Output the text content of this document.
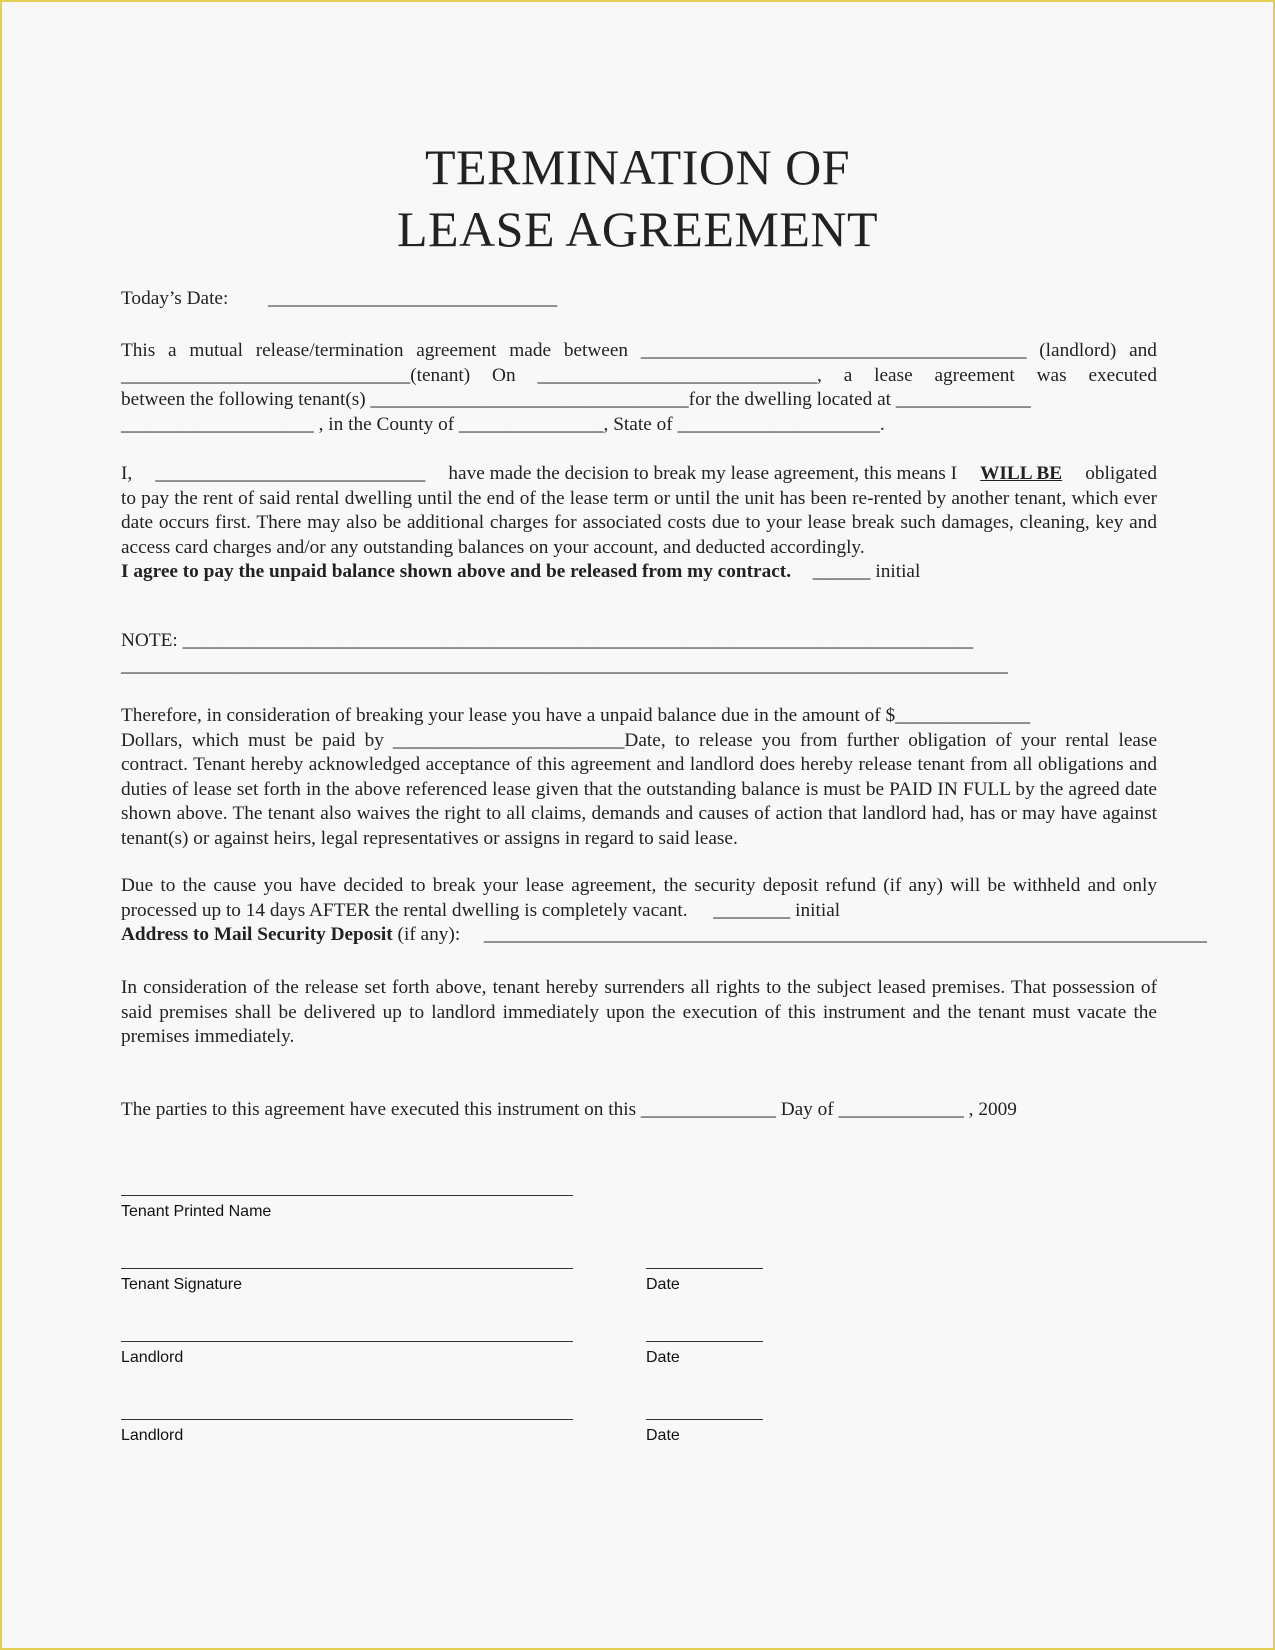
TERMINATION OF
LEASE AGREEMENT
Today’s Date: ______________________________
This a mutual release/termination agreement made between ________________________________________ (landlord) and
______________________________(tenant) On _____________________________, a lease agreement was executed
between the following tenant(s) _________________________________for the dwelling located at ______________
____________________ , in the County of _______________, State of _____________________.
I, ____________________________ have made the decision to break my lease agreement, this means I WILL BE obligated
to pay the rent of said rental dwelling until the end of the lease term or until the unit has been re-rented by another tenant, which ever date occurs first. There may also be additional charges for associated costs due to your lease break such damages, cleaning, key and access card charges and/or any outstanding balances on your account, and deducted accordingly.
I agree to pay the unpaid balance shown above and be released from my contract. ______ initial
NOTE: __________________________________________________________________________________
____________________________________________________________________________________________
Therefore, in consideration of breaking your lease you have a unpaid balance due in the amount of $______________
Dollars, which must be paid by ________________________Date, to release you from further obligation of your rental lease contract. Tenant hereby acknowledged acceptance of this agreement and landlord does hereby release tenant from all obligations and duties of lease set forth in the above referenced lease given that the outstanding balance is must be PAID IN FULL by the agreed date shown above. The tenant also waives the right to all claims, demands and causes of action that landlord had, has or may have against tenant(s) or against heirs, legal representatives or assigns in regard to said lease.
Due to the cause you have decided to break your lease agreement, the security deposit refund (if any) will be withheld and only processed up to 14 days AFTER the rental dwelling is completely vacant. ________ initial
Address to Mail Security Deposit (if any): ___________________________________________________________________________
In consideration of the release set forth above, tenant hereby surrenders all rights to the subject leased premises. That possession of said premises shall be delivered up to landlord immediately upon the execution of this instrument and the tenant must vacate the premises immediately.
The parties to this agreement have executed this instrument on this ______________ Day of _____________ , 2009
Tenant Printed Name
Tenant Signature	Date
Landlord	Date
Landlord	Date
